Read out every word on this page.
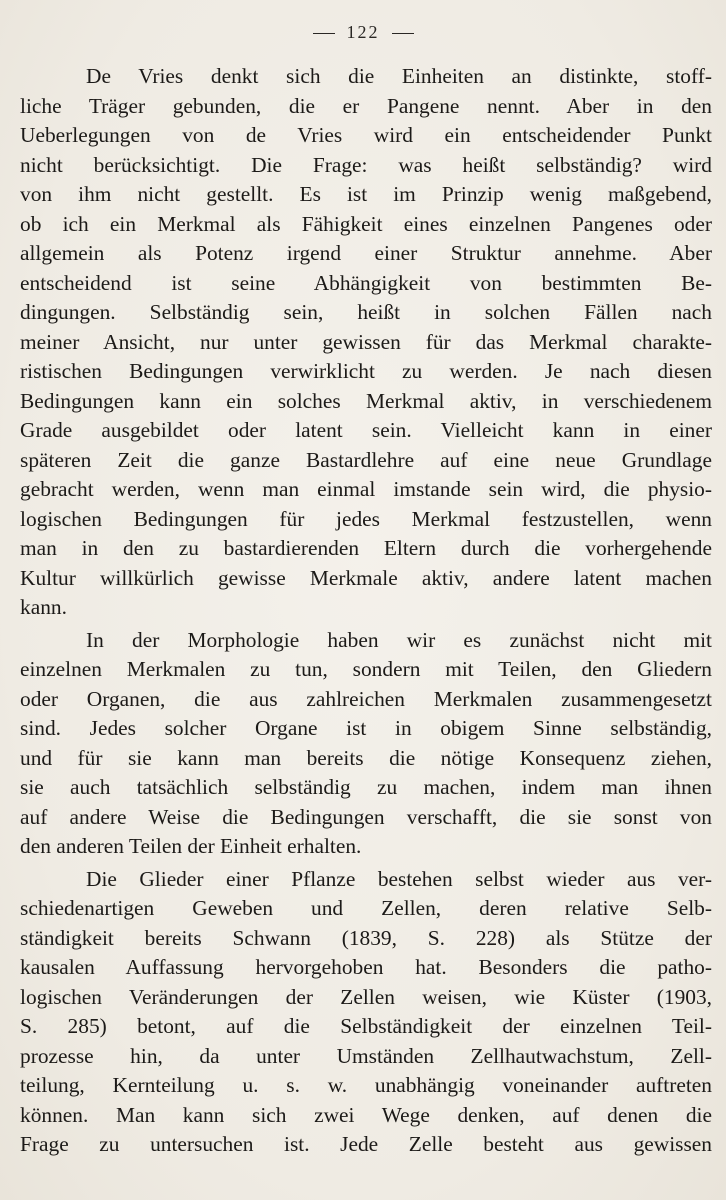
122
De Vries denkt sich die Einheiten an distinkte, stoff-
liche Träger gebunden, die er Pangene nennt. Aber in den
Ueberlegungen von de Vries wird ein entscheidender Punkt
nicht berücksichtigt. Die Frage: was heißt selbständig? wird
von ihm nicht gestellt. Es ist im Prinzip wenig maßgebend,
ob ich ein Merkmal als Fähigkeit eines einzelnen Pangenes oder
allgemein als Potenz irgend einer Struktur annehme. Aber
entscheidend ist seine Abhängigkeit von bestimmten Be-
dingungen. Selbständig sein, heißt in solchen Fällen nach
meiner Ansicht, nur unter gewissen für das Merkmal charakte-
ristischen Bedingungen verwirklicht zu werden. Je nach diesen
Bedingungen kann ein solches Merkmal aktiv, in verschiedenem
Grade ausgebildet oder latent sein. Vielleicht kann in einer
späteren Zeit die ganze Bastardlehre auf eine neue Grundlage
gebracht werden, wenn man einmal imstande sein wird, die physio-
logischen Bedingungen für jedes Merkmal festzustellen, wenn
man in den zu bastardierenden Eltern durch die vorhergehende
Kultur willkürlich gewisse Merkmale aktiv, andere latent machen
kann.
In der Morphologie haben wir es zunächst nicht mit
einzelnen Merkmalen zu tun, sondern mit Teilen, den Gliedern
oder Organen, die aus zahlreichen Merkmalen zusammengesetzt
sind. Jedes solcher Organe ist in obigem Sinne selbständig,
und für sie kann man bereits die nötige Konsequenz ziehen,
sie auch tatsächlich selbständig zu machen, indem man ihnen
auf andere Weise die Bedingungen verschafft, die sie sonst von
den anderen Teilen der Einheit erhalten.
Die Glieder einer Pflanze bestehen selbst wieder aus ver-
schiedenartigen Geweben und Zellen, deren relative Selb-
ständigkeit bereits Schwann (1839, S. 228) als Stütze der
kausalen Auffassung hervorgehoben hat. Besonders die patho-
logischen Veränderungen der Zellen weisen, wie Küster (1903,
S. 285) betont, auf die Selbständigkeit der einzelnen Teil-
prozesse hin, da unter Umständen Zellhautwachstum, Zell-
teilung, Kernteilung u. s. w. unabhängig voneinander auftreten
können. Man kann sich zwei Wege denken, auf denen die
Frage zu untersuchen ist. Jede Zelle besteht aus gewissen
